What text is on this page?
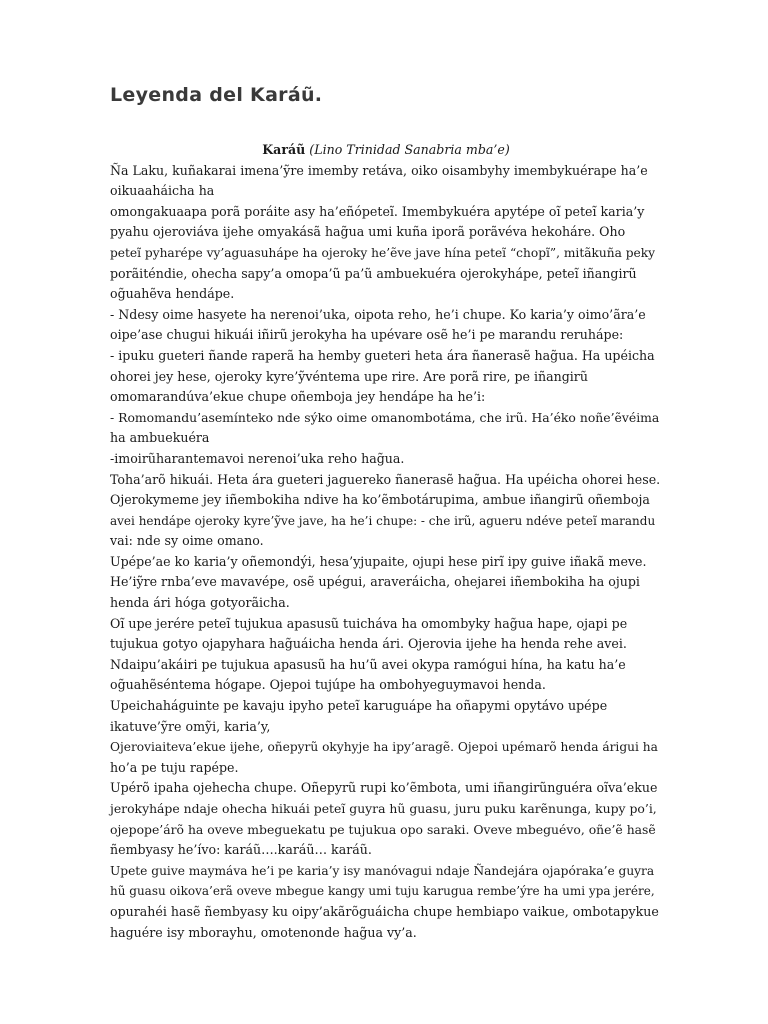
Leyenda del Karáũ.

Karáũ (Lino Trinidad Sanabria mba’e)

Ña Laku, kuñakarai imena’ỹre imemby retáva, oiko oisambyhy imembykuérape ha’e
oikuaaháicha ha
omongakuaapa porã poráite asy ha’eñópeteĩ. Imembykuéra apytépe oĩ peteĩ karia’y
pyahu ojeroviáva ijehe omyakásã hag̃ua umi kuña iporã porãvéva hekoháre. Oho
peteĩ pyharépe vy’aguasuhápe ha ojeroky he’ẽve jave hína peteĩ “chopĩ”, mitãkuña peky
porãiténdie, ohecha sapy’a omopa’ũ pa’ũ ambuekuéra ojerokyhápe, peteĩ iñangirũ
og̃uahẽva hendápe.
- Ndesy oime hasyete ha nerenoi’uka, oipota reho, he’i chupe. Ko karia’y oimo’ãra’e
oipe’ase chugui hikuái iñirũ jerokyha ha upévare osẽ he’i pe marandu reruhápe:
- ipuku gueteri ñande raperã ha hemby gueteri heta ára ñanerasẽ hag̃ua. Ha upéicha
ohorei jey hese, ojeroky kyre’ỹvéntema upe rire. Are porã rire, pe iñangirũ
omomarandúva’ekue chupe oñemboja jey hendápe ha he’i:
- Romomandu’asemínteko nde sýko oime omanombotáma, che irũ. Ha’éko noñe’ẽvéima
ha ambuekuéra
-imoirũharantemavoi nerenoi’uka reho hag̃ua.
Toha’arõ hikuái. Heta ára gueteri jaguereko ñanerasẽ hag̃ua. Ha upéicha ohorei hese.
Ojerokymeme jey iñembokiha ndive ha ko’ẽmbotárupima, ambue iñangirũ oñemboja
avei hendápe ojeroky kyre’ỹve jave, ha he’i chupe: - che irũ, agueru ndéve peteĩ marandu
vai: nde sy oime omano.
Upépe’ae ko karia’y oñemondýi, hesa’yjupaite, ojupi hese pirĩ ipy guive iñakã meve.
He’iỹre rnba’eve mavavépe, osẽ upégui, araveráicha, ohejarei iñembokiha ha ojupi
henda ári hóga gotyorãicha.
Oĩ upe jerére peteĩ tujukua apasusũ tuicháva ha omombyky hag̃ua hape, ojapi pe
tujukua gotyo ojapyhara hag̃uáicha henda ári. Ojerovia ijehe ha henda rehe avei.
Ndaipu’akáiri pe tujukua apasusũ ha hu’ũ avei okypa ramógui hína, ha katu ha’e
og̃uahẽséntema hógape. Ojepoi tujúpe ha ombohyeguymavoi henda.
Upeichaháguinte pe kavaju ipyho peteĩ karuguápe ha oñapymi opytávo upépe
ikatuve’ỹre omỹi, karia’y,
Ojeroviaiteva’ekue ijehe, oñepyrũ okyhyje ha ipy’aragẽ. Ojepoi upémarõ henda árigui ha
ho’a pe tuju rapépe.
Upérõ ipaha ojehecha chupe. Oñepyrũ rupi ko’ẽmbota, umi iñangirũnguéra oĩva’ekue
jerokyhápe ndaje ohecha hikuái peteĩ guyra hũ guasu, juru puku karẽnunga, kupy po’i,
ojepope’árõ ha oveve mbeguekatu pe tujukua opo saraki. Oveve mbeguévo, oñe’ẽ hasẽ
ñembyasy he’ívo: karáũ….karáũ… karáũ.
Upete guive maymáva he’i pe karia’y isy manóvagui ndaje Ñandejára ojapóraka’e guyra
hũ guasu oikova’erã oveve mbegue kangy umi tuju karugua rembe’ýre ha umi ypa jerére,
opurahéi hasẽ ñembyasy ku oipy’akãrõguáicha chupe hembiapo vaikue, ombotapykue
haguére isy mborayhu, omotenonde hag̃ua vy’a.
